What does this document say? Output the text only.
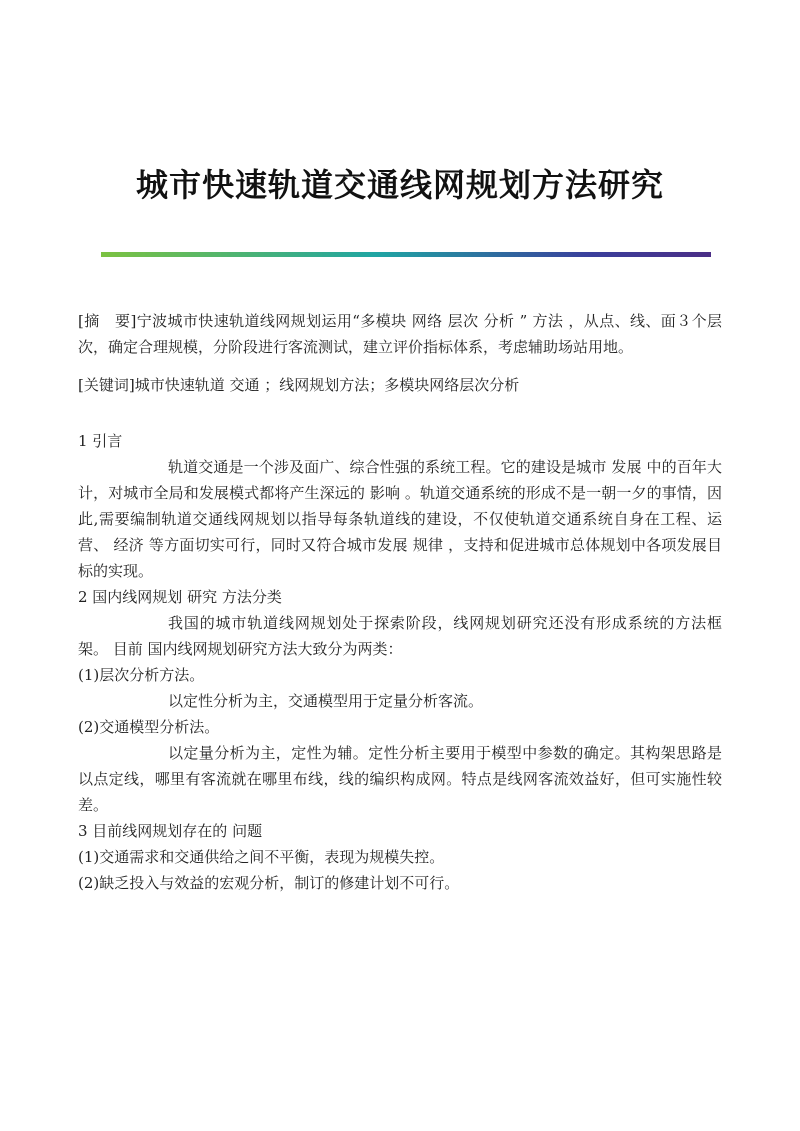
城市快速轨道交通线网规划方法研究

[摘　要]宁波城市快速轨道线网规划运用“多模块 网络 层次 分析 ” 方法 ，从点、线、面３个层次，确定合理规模，分阶段进行客流测试，建立评价指标体系，考虑辅助场站用地。

[关键词]城市快速轨道 交通 ；线网规划方法；多模块网络层次分析

1 引言

轨道交通是一个涉及面广、综合性强的系统工程。它的建设是城市 发展 中的百年大计，对城市全局和发展模式都将产生深远的 影响 。轨道交通系统的形成不是一朝一夕的事情，因此,需要编制轨道交通线网规划以指导每条轨道线的建设，不仅使轨道交通系统自身在工程、运营、 经济 等方面切实可行，同时又符合城市发展 规律 ，支持和促进城市总体规划中各项发展目标的实现。

2 国内线网规划 研究 方法分类

我国的城市轨道线网规划处于探索阶段，线网规划研究还没有形成系统的方法框架。 目前 国内线网规划研究方法大致分为两类：

(1)层次分析方法。

以定性分析为主，交通模型用于定量分析客流。

(2)交通模型分析法。

以定量分析为主，定性为辅。定性分析主要用于模型中参数的确定。其构架思路是以点定线，哪里有客流就在哪里布线，线的编织构成网。特点是线网客流效益好，但可实施性较差。

3 目前线网规划存在的 问题

(1)交通需求和交通供给之间不平衡，表现为规模失控。

(2)缺乏投入与效益的宏观分析，制订的修建计划不可行。
